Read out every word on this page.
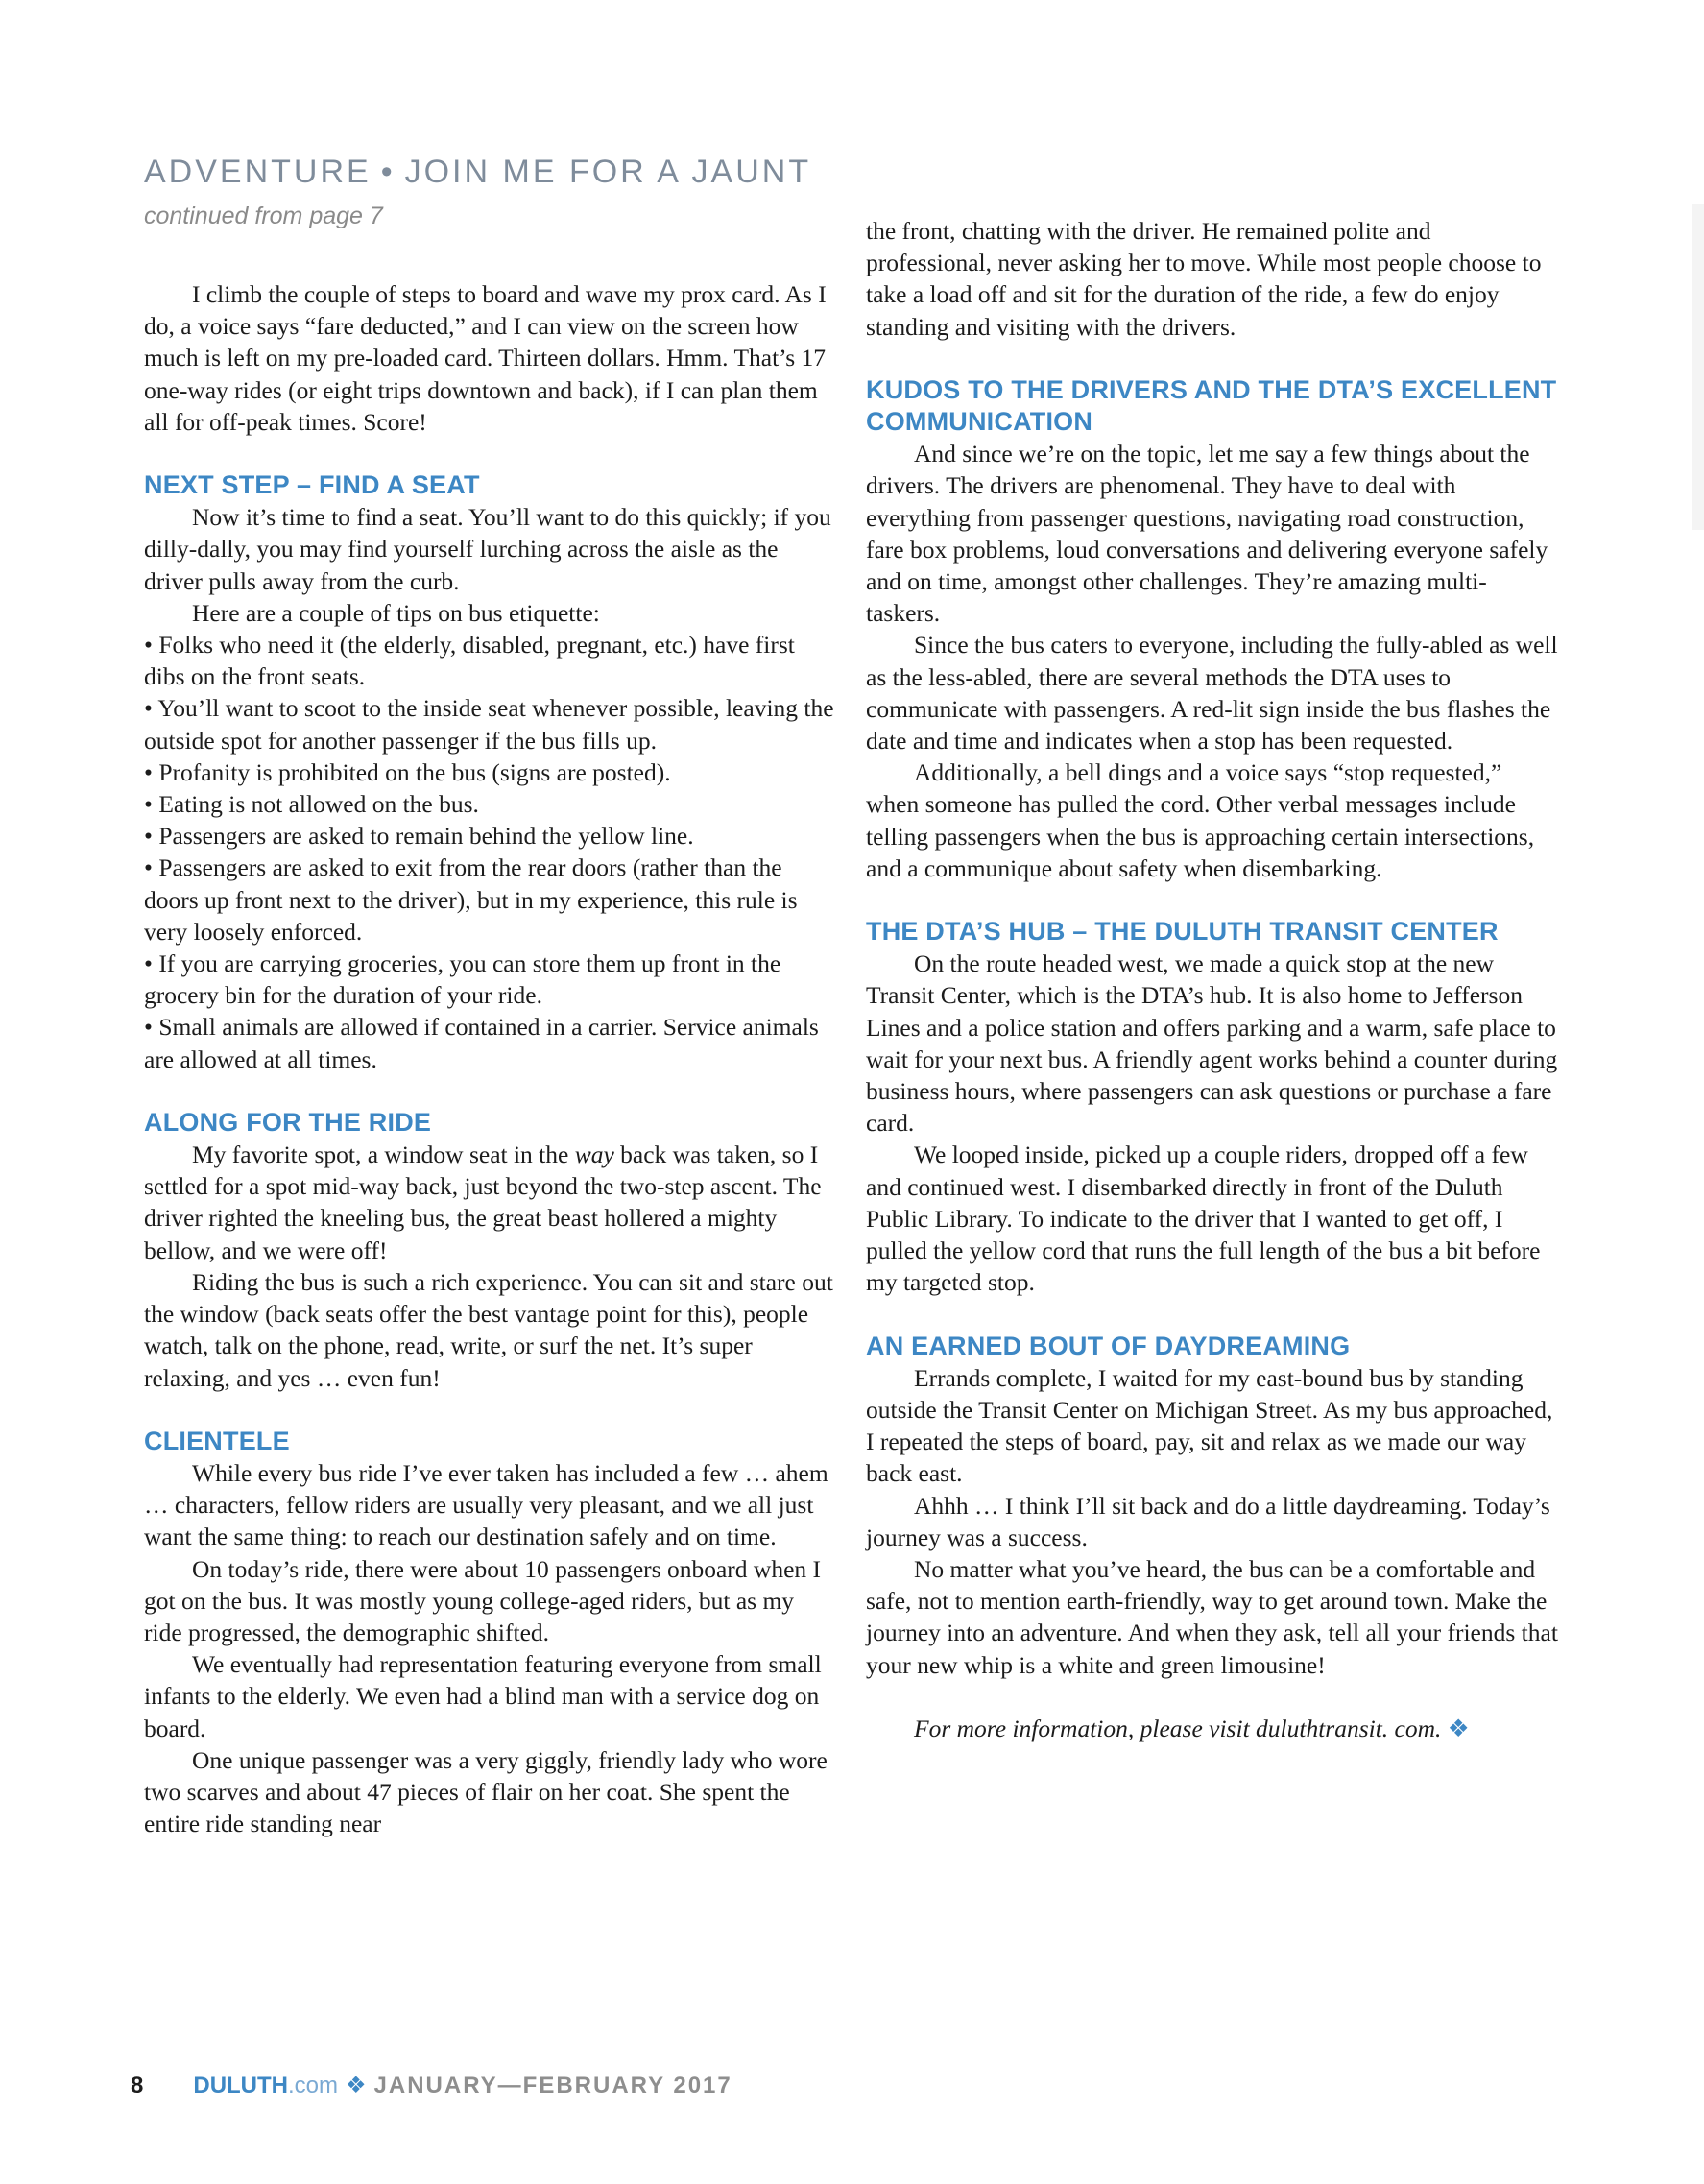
ADVENTURE • JOIN ME FOR A JAUNT
continued from page 7

I climb the couple of steps to board and wave my prox card. As I do, a voice says “fare deducted,” and I can view on the screen how much is left on my pre-loaded card. Thirteen dollars. Hmm. That’s 17 one-way rides (or eight trips downtown and back), if I can plan them all for off-peak times. Score!

NEXT STEP – FIND A SEAT

Now it’s time to find a seat. You’ll want to do this quickly; if you dilly-dally, you may find yourself lurching across the aisle as the driver pulls away from the curb.

Here are a couple of tips on bus etiquette:

• Folks who need it (the elderly, disabled, pregnant, etc.) have first dibs on the front seats.
• You’ll want to scoot to the inside seat whenever possible, leaving the outside spot for another passenger if the bus fills up.
• Profanity is prohibited on the bus (signs are posted).
• Eating is not allowed on the bus.
• Passengers are asked to remain behind the yellow line.
• Passengers are asked to exit from the rear doors (rather than the doors up front next to the driver), but in my experience, this rule is very loosely enforced.
• If you are carrying groceries, you can store them up front in the grocery bin for the duration of your ride.
• Small animals are allowed if contained in a carrier. Service animals are allowed at all times.
ALONG FOR THE RIDE

My favorite spot, a window seat in the way back was taken, so I settled for a spot mid-way back, just beyond the two-step ascent. The driver righted the kneeling bus, the great beast hollered a mighty bellow, and we were off!

Riding the bus is such a rich experience. You can sit and stare out the window (back seats offer the best vantage point for this), people watch, talk on the phone, read, write, or surf the net. It’s super relaxing, and yes … even fun!

CLIENTELE

While every bus ride I’ve ever taken has included a few … ahem … characters, fellow riders are usually very pleasant, and we all just want the same thing: to reach our destination safely and on time.

On today’s ride, there were about 10 passengers onboard when I got on the bus. It was mostly young college-aged riders, but as my ride progressed, the demographic shifted.

We eventually had representation featuring everyone from small infants to the elderly. We even had a blind man with a service dog on board.

One unique passenger was a very giggly, friendly lady who wore two scarves and about 47 pieces of flair on her coat. She spent the entire ride standing near

the front, chatting with the driver. He remained polite and professional, never asking her to move. While most people choose to take a load off and sit for the duration of the ride, a few do enjoy standing and visiting with the drivers.

KUDOS TO THE DRIVERS AND THE DTA’S EXCELLENT COMMUNICATION

And since we’re on the topic, let me say a few things about the drivers. The drivers are phenomenal. They have to deal with everything from passenger questions, navigating road construction, fare box problems, loud conversations and delivering everyone safely and on time, amongst other challenges. They’re amazing multi-taskers.

Since the bus caters to everyone, including the fully-abled as well as the less-abled, there are several methods the DTA uses to communicate with passengers. A red-lit sign inside the bus flashes the date and time and indicates when a stop has been requested.

Additionally, a bell dings and a voice says “stop requested,” when someone has pulled the cord. Other verbal messages include telling passengers when the bus is approaching certain intersections, and a communique about safety when disembarking.

THE DTA’S HUB – THE DULUTH TRANSIT CENTER

On the route headed west, we made a quick stop at the new Transit Center, which is the DTA’s hub. It is also home to Jefferson Lines and a police station and offers parking and a warm, safe place to wait for your next bus. A friendly agent works behind a counter during business hours, where passengers can ask questions or purchase a fare card.

We looped inside, picked up a couple riders, dropped off a few and continued west. I disembarked directly in front of the Duluth Public Library. To indicate to the driver that I wanted to get off, I pulled the yellow cord that runs the full length of the bus a bit before my targeted stop.

AN EARNED BOUT OF DAYDREAMING

Errands complete, I waited for my east-bound bus by standing outside the Transit Center on Michigan Street. As my bus approached, I repeated the steps of board, pay, sit and relax as we made our way back east.

Ahhh … I think I’ll sit back and do a little daydreaming. Today’s journey was a success.

No matter what you’ve heard, the bus can be a comfortable and safe, not to mention earth-friendly, way to get around town. Make the journey into an adventure. And when they ask, tell all your friends that your new whip is a white and green limousine!

For more information, please visit duluthtransit. com. ❖

8 DULUTH.com ❖ JANUARY—FEBRUARY 2017
